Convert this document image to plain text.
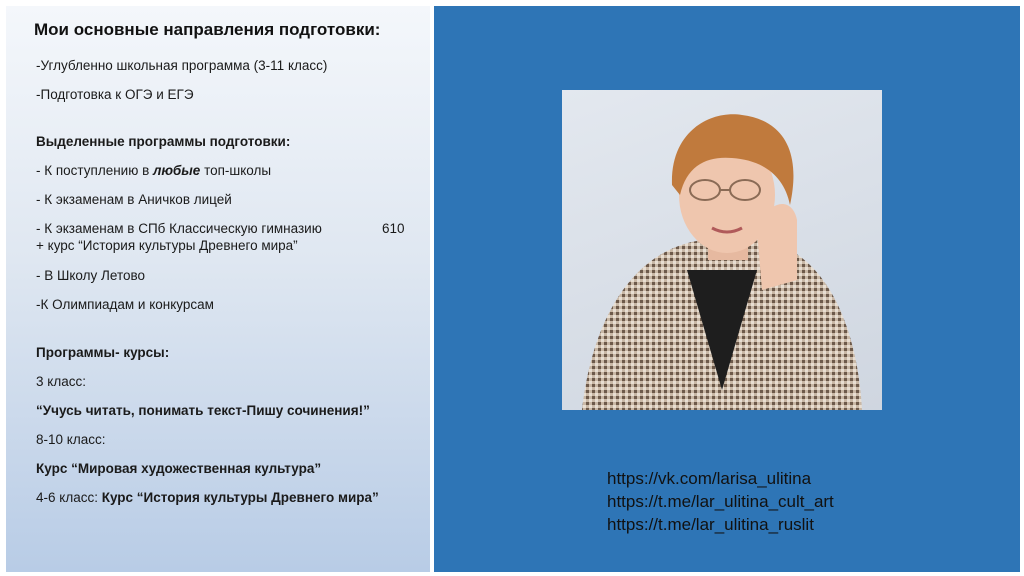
Мои основные направления подготовки:
-Углубленно школьная программа (3-11 класс)
-Подготовка к ОГЭ и ЕГЭ
Выделенные программы подготовки:
- К поступлению в любые топ-школы
- К экзаменам в Аничков лицей
- К экзаменам в СПб Классическую гимназию	610
+ курс “История культуры Древнего мира”
- В Школу Летово
-К Олимпиадам и конкурсам
Программы- курсы:
3 класс:
“Учусь читать, понимать текст-Пишу сочинения!”
8-10 класс:
Курс “Мировая художественная культура”
4-6 класс: Курс “История культуры Древнего мира”
https://vk.com/larisa_ulitina
https://t.me/lar_ulitina_cult_art
https://t.me/lar_ulitina_ruslit
